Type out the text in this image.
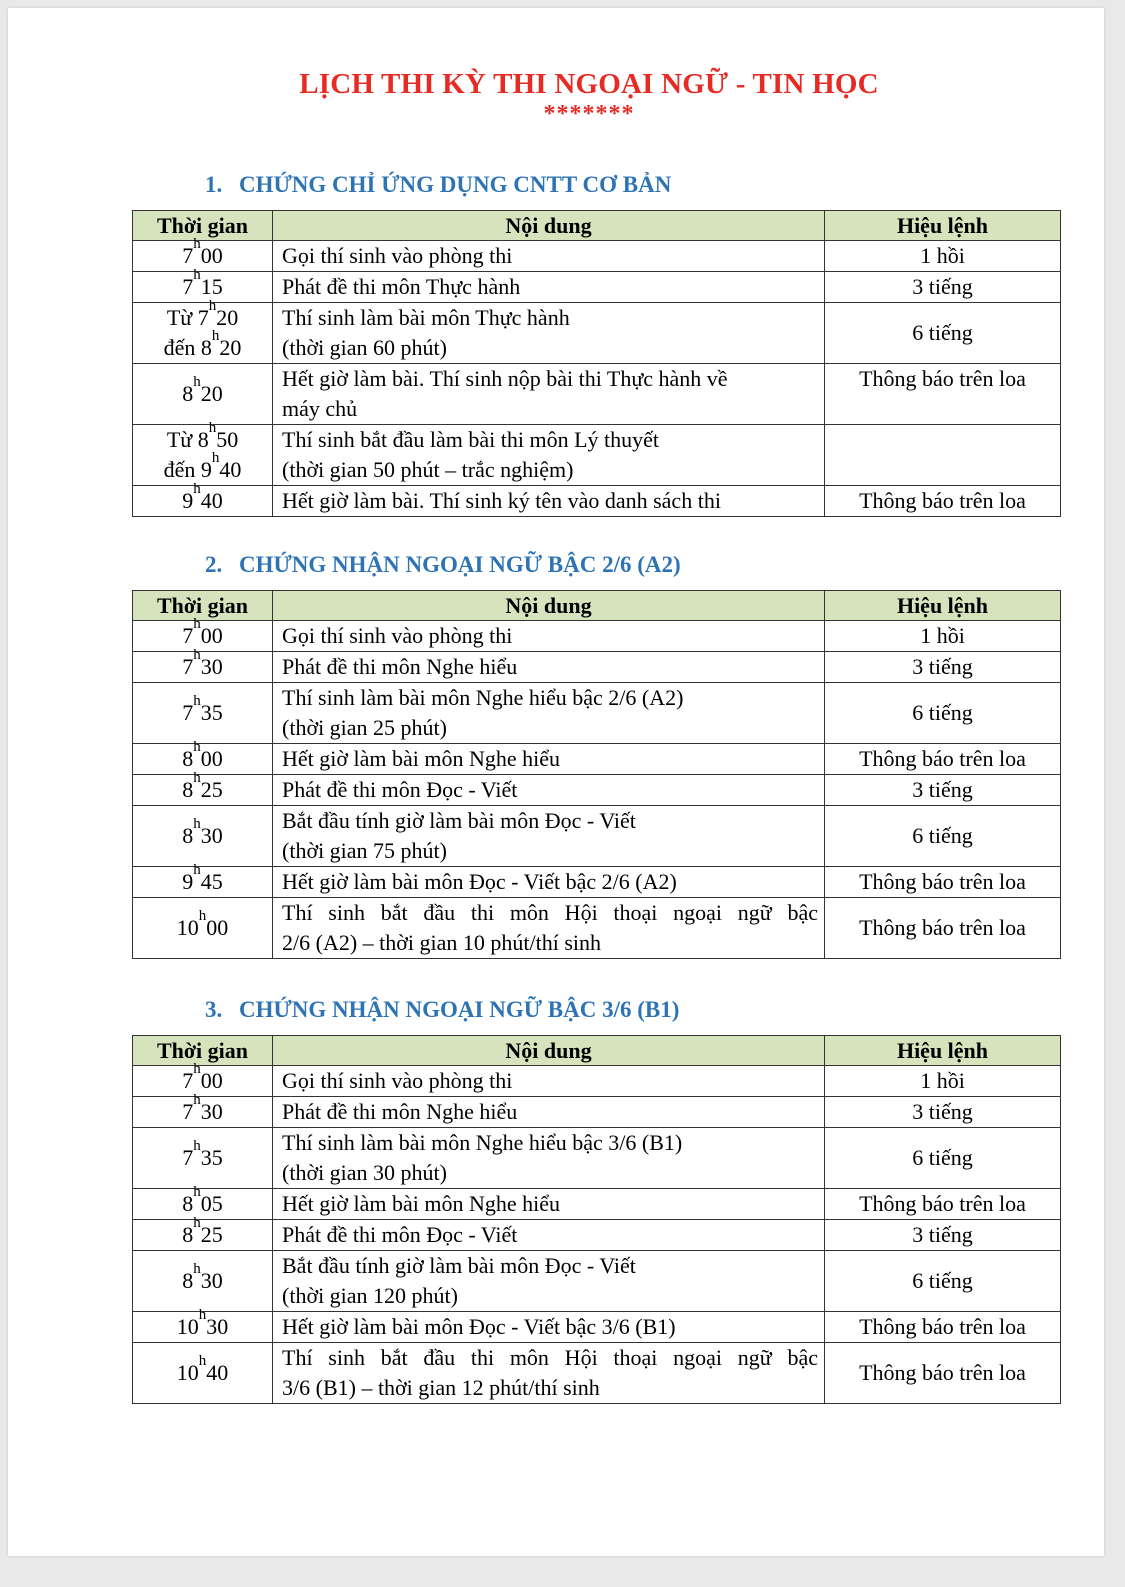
LỊCH THI KỲ THI NGOẠI NGỮ - TIN HỌC
*******
1. CHỨNG CHỈ ỨNG DỤNG CNTT CƠ BẢN
Thời gian	Nội dung	Hiệu lệnh

7$^h$00	Gọi thí sinh vào phòng thi	1 hồi

7$^h$15	Phát đề thi môn Thực hành	3 tiếng

Từ 7$^h$20
đến 8$^h$20	Thí sinh làm bài môn Thực hành
(thời gian 60 phút)	6 tiếng

8$^h$20	Hết giờ làm bài. Thí sinh nộp bài thi Thực hành về
máy chủ	Thông báo trên loa

Từ 8$^h$50
đến 9$^h$40	Thí sinh bắt đầu làm bài thi môn Lý thuyết
(thời gian 50 phút – trắc nghiệm)	

9$^h$40	Hết giờ làm bài. Thí sinh ký tên vào danh sách thi	Thông báo trên loa
2. CHỨNG NHẬN NGOẠI NGỮ BẬC 2/6 (A2)
Thời gian	Nội dung	Hiệu lệnh

7$^h$00	Gọi thí sinh vào phòng thi	1 hồi

7$^h$30	Phát đề thi môn Nghe hiểu	3 tiếng

7$^h$35	Thí sinh làm bài môn Nghe hiểu bậc 2/6 (A2)
(thời gian 25 phút)	6 tiếng

8$^h$00	Hết giờ làm bài môn Nghe hiểu	Thông báo trên loa

8$^h$25	Phát đề thi môn Đọc - Viết	3 tiếng

8$^h$30	Bắt đầu tính giờ làm bài môn Đọc - Viết
(thời gian 75 phút)	6 tiếng

9$^h$45	Hết giờ làm bài môn Đọc - Viết bậc 2/6 (A2)	Thông báo trên loa

10$^h$00	Thí sinh bắt đầu thi môn Hội thoại ngoại ngữ bậc
2/6 (A2) – thời gian 10 phút/thí sinh	Thông báo trên loa
3. CHỨNG NHẬN NGOẠI NGỮ BẬC 3/6 (B1)
Thời gian	Nội dung	Hiệu lệnh

7$^h$00	Gọi thí sinh vào phòng thi	1 hồi

7$^h$30	Phát đề thi môn Nghe hiểu	3 tiếng

7$^h$35	Thí sinh làm bài môn Nghe hiểu bậc 3/6 (B1)
(thời gian 30 phút)	6 tiếng

8$^h$05	Hết giờ làm bài môn Nghe hiểu	Thông báo trên loa

8$^h$25	Phát đề thi môn Đọc - Viết	3 tiếng

8$^h$30	Bắt đầu tính giờ làm bài môn Đọc - Viết
(thời gian 120 phút)	6 tiếng

10$^h$30	Hết giờ làm bài môn Đọc - Viết bậc 3/6 (B1)	Thông báo trên loa

10$^h$40	Thí sinh bắt đầu thi môn Hội thoại ngoại ngữ bậc
3/6 (B1) – thời gian 12 phút/thí sinh	Thông báo trên loa
